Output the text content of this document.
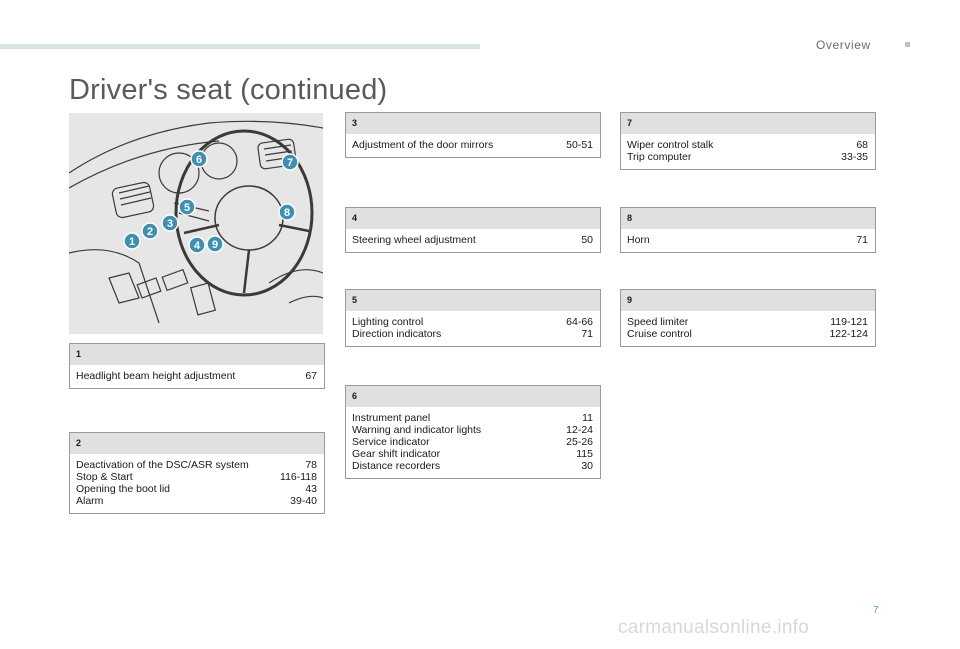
Overview
Driver's seat (continued)
1
2
3
4
5
6	7
8
9
1
Headlight beam height adjustment	67
2
Deactivation of the DSC/ASR system	78
Stop & Start	116-118
Opening the boot lid	43
Alarm	39-40
3
Adjustment of the door mirrors	50-51
4
Steering wheel adjustment	50
5
Lighting control	64-66
Direction indicators	71
6
Instrument panel	11
Warning and indicator lights	12-24
Service indicator	25-26
Gear shift indicator	115
Distance recorders	30
7
Wiper control stalk	68
Trip computer	33-35
8
Horn	71
9
Speed limiter	119-121
Cruise control	122-124
7
carmanualsonline.info
